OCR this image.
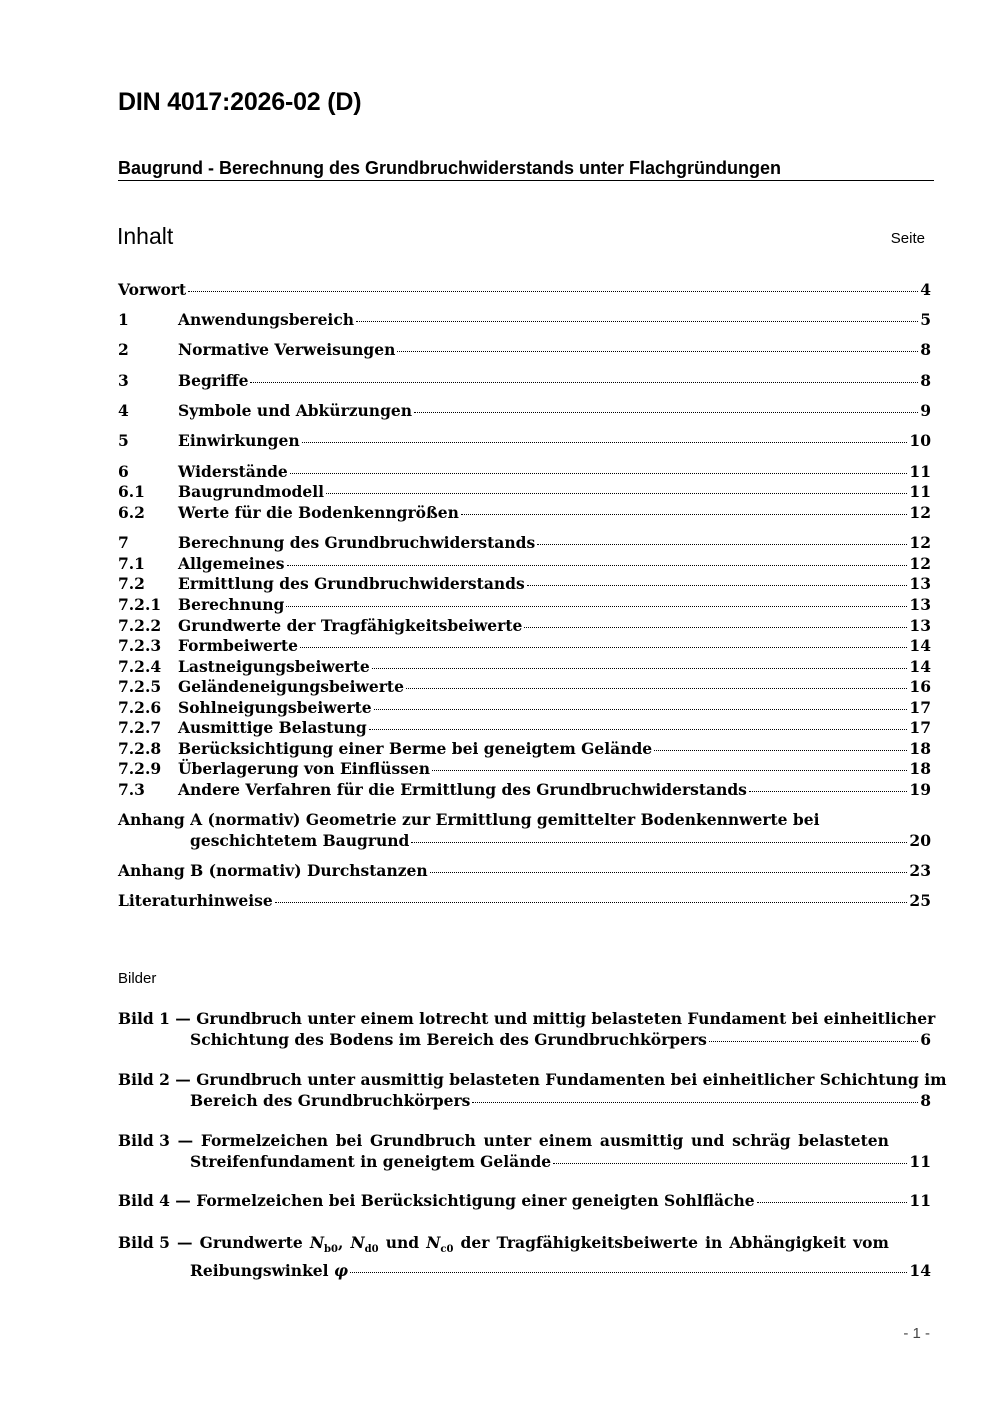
DIN 4017:2026-02 (D)
Baugrund - Berechnung des Grundbruchwiderstands unter Flachgründungen
Inhalt	Seite
Vorwort	4
1	Anwendungsbereich	5
2	Normative Verweisungen	8
3	Begriffe	8
4	Symbole und Abkürzungen	9
5	Einwirkungen	10
6	Widerstände	11
6.1	Baugrundmodell	11
6.2	Werte für die Bodenkenngrößen	12
7	Berechnung des Grundbruchwiderstands	12
7.1	Allgemeines	12
7.2	Ermittlung des Grundbruchwiderstands	13
7.2.1	Berechnung	13
7.2.2	Grundwerte der Tragfähigkeitsbeiwerte	13
7.2.3	Formbeiwerte	14
7.2.4	Lastneigungsbeiwerte	14
7.2.5	Geländeneigungsbeiwerte	16
7.2.6	Sohlneigungsbeiwerte	17
7.2.7	Ausmittige Belastung	17
7.2.8	Berücksichtigung einer Berme bei geneigtem Gelände	18
7.2.9	Überlagerung von Einflüssen	18
7.3	Andere Verfahren für die Ermittlung des Grundbruchwiderstands	19
Anhang A (normativ) Geometrie zur Ermittlung gemittelter Bodenkennwerte bei
geschichtetem Baugrund	20
Anhang B (normativ) Durchstanzen	23
Literaturhinweise	25
Bilder
Bild 1 — Grundbruch unter einem lotrecht und mittig belasteten Fundament bei einheitlicher
Schichtung des Bodens im Bereich des Grundbruchkörpers	6
Bild 2 — Grundbruch unter ausmittig belasteten Fundamenten bei einheitlicher Schichtung im
Bereich des Grundbruchkörpers	8
Bild 3 — Formelzeichen bei Grundbruch unter einem ausmittig und schräg belasteten
Streifenfundament in geneigtem Gelände	11
Bild 4 — Formelzeichen bei Berücksichtigung einer geneigten Sohlfläche	11
Bild 5 — Grundwerte $N_{b0}$, $N_{d0}$ und $N_{c0}$ der Tragfähigkeitsbeiwerte in Abhängigkeit vom
Reibungswinkel
φ	14
- 1 -
